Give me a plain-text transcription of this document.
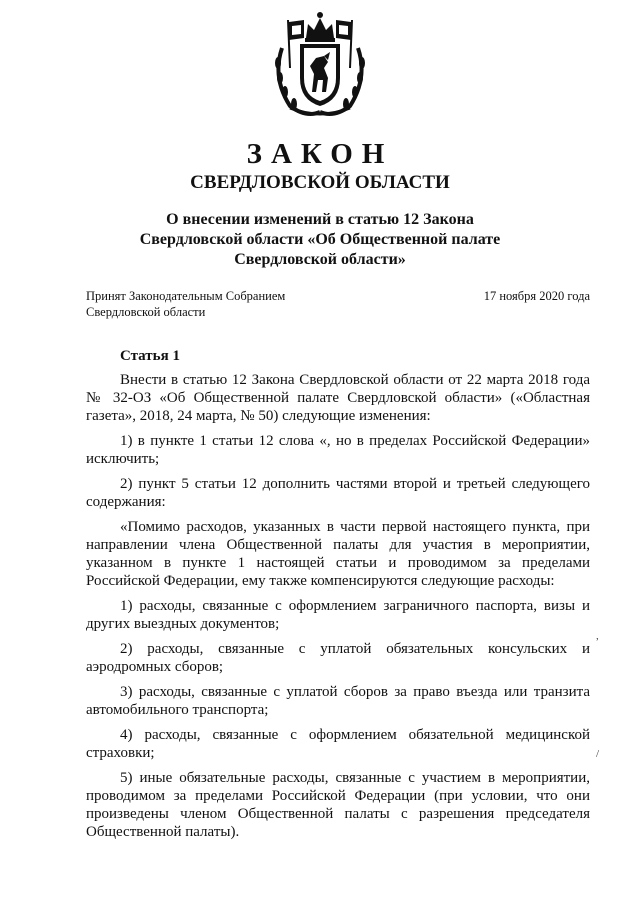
ЗАКОН
СВЕРДЛОВСКОЙ ОБЛАСТИ
О внесении изменений в статью 12 Закона
Свердловской области «Об Общественной палате
Свердловской области»
Принят Законодательным Собранием
Свердловской области
17 ноября 2020 года
Статья 1

Внести в статью 12 Закона Свердловской области от 22 марта 2018 года № 32-ОЗ «Об Общественной палате Свердловской области» («Областная газета», 2018, 24 марта, № 50) следующие изменения:

1) в пункте 1 статьи 12 слова «, но в пределах Российской Федерации» исключить;

2) пункт 5 статьи 12 дополнить частями второй и третьей следующего содержания:

«Помимо расходов, указанных в части первой настоящего пункта, при направлении члена Общественной палаты для участия в мероприятии, указанном в пункте 1 настоящей статьи и проводимом за пределами Российской Федерации, ему также компенсируются следующие расходы:

1) расходы, связанные с оформлением заграничного паспорта, визы и других выездных документов;

2) расходы, связанные с уплатой обязательных консульских и аэродромных сборов;

3) расходы, связанные с уплатой сборов за право въезда или транзита автомобильного транспорта;

4) расходы, связанные с оформлением обязательной медицинской страховки;

5) иные обязательные расходы, связанные с участием в мероприятии, проводимом за пределами Российской Федерации (при условии, что они произведены членом Общественной палаты с разрешения председателя Общественной палаты).

,
/
